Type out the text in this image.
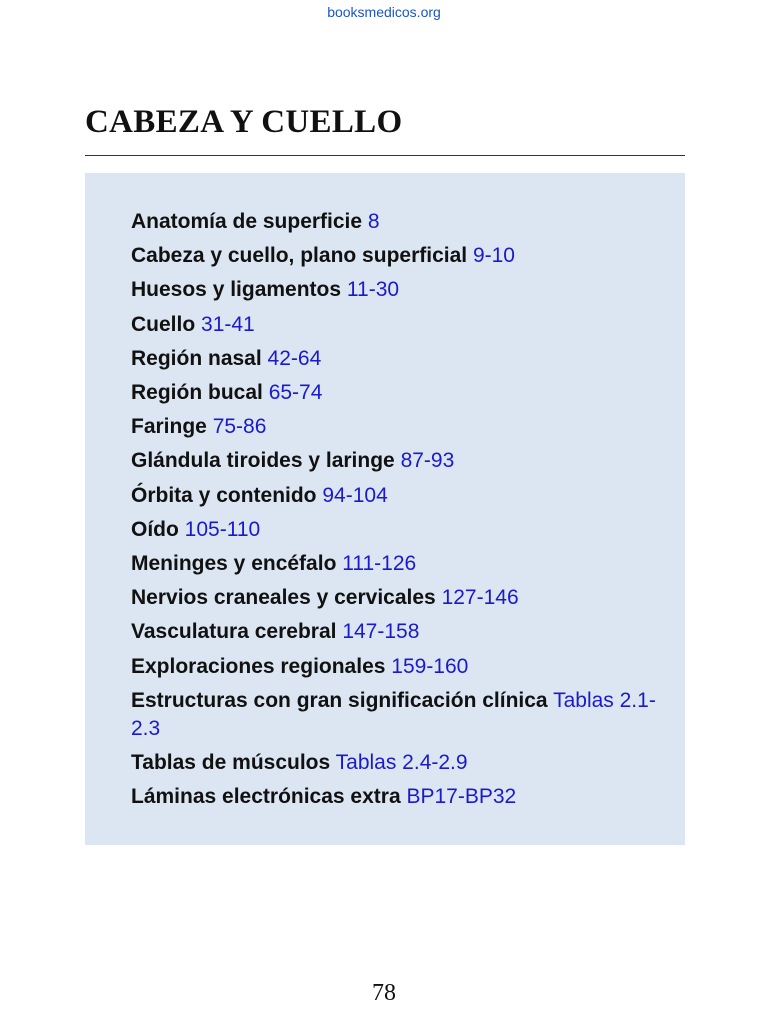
booksmedicos.org
CABEZA Y CUELLO
Anatomía de superficie 8
Cabeza y cuello, plano superficial 9-10
Huesos y ligamentos 11-30
Cuello 31-41
Región nasal 42-64
Región bucal 65-74
Faringe 75-86
Glándula tiroides y laringe 87-93
Órbita y contenido 94-104
Oído 105-110
Meninges y encéfalo 111-126
Nervios craneales y cervicales 127-146
Vasculatura cerebral 147-158
Exploraciones regionales 159-160
Estructuras con gran significación clínica Tablas 2.1-2.3
Tablas de músculos Tablas 2.4-2.9
Láminas electrónicas extra BP17-BP32
78
